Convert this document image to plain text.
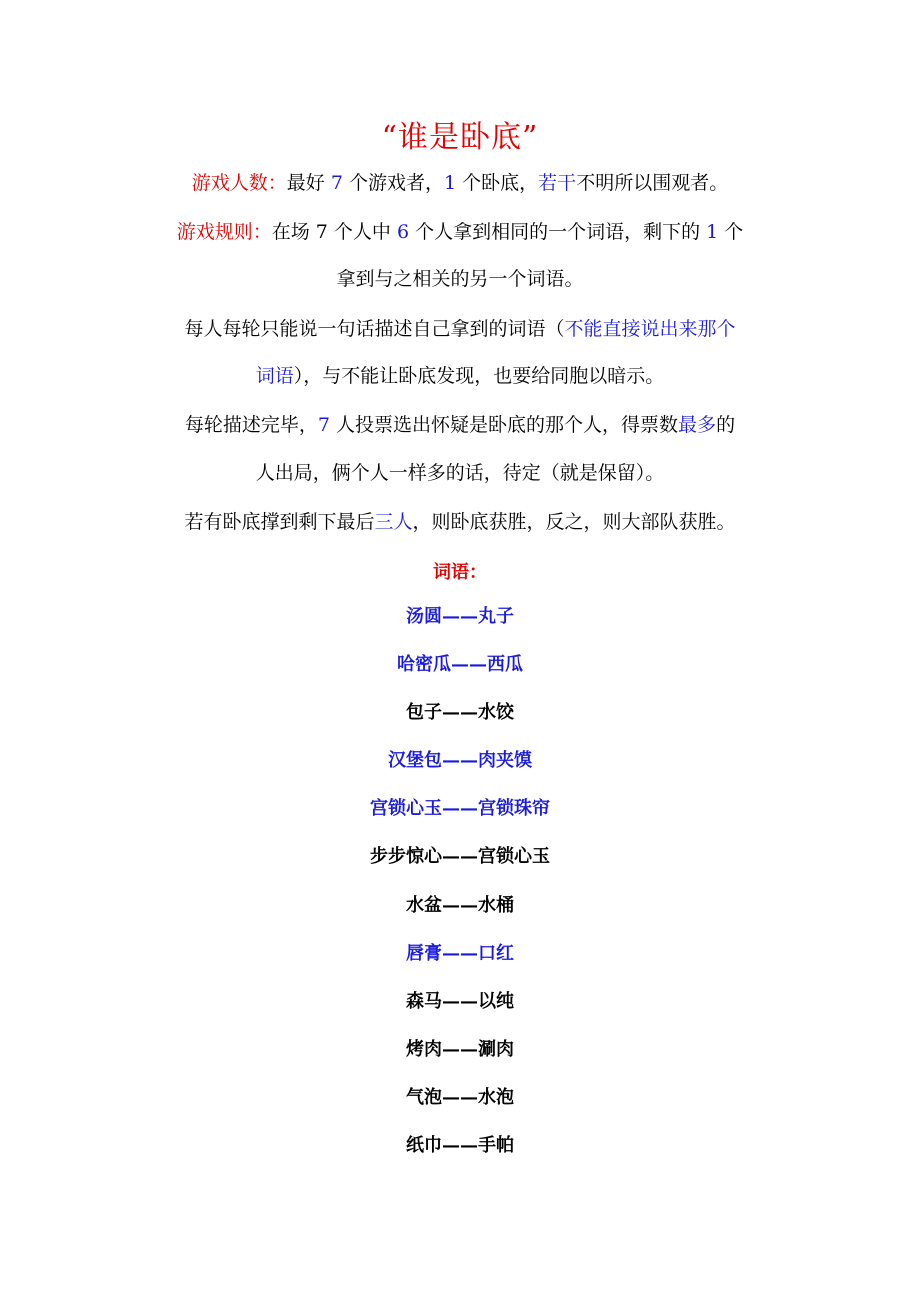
“谁是卧底”
游戏人数：最好 7 个游戏者，1 个卧底，若干不明所以围观者。
游戏规则：在场 7 个人中 6 个人拿到相同的一个词语，剩下的 1 个
拿到与之相关的另一个词语。
每人每轮只能说一句话描述自己拿到的词语（不能直接说出来那个
词语），与不能让卧底发现，也要给同胞以暗示。
每轮描述完毕，7 人投票选出怀疑是卧底的那个人，得票数最多的
人出局，俩个人一样多的话，待定（就是保留）。
若有卧底撑到剩下最后三人，则卧底获胜，反之，则大部队获胜。
词语：
汤圆——丸子
哈密瓜——西瓜
包子——水饺
汉堡包——肉夹馍
宫锁心玉——宫锁珠帘
步步惊心——宫锁心玉
水盆——水桶
唇膏——口红
森马——以纯
烤肉——涮肉
气泡——水泡
纸巾——手帕
